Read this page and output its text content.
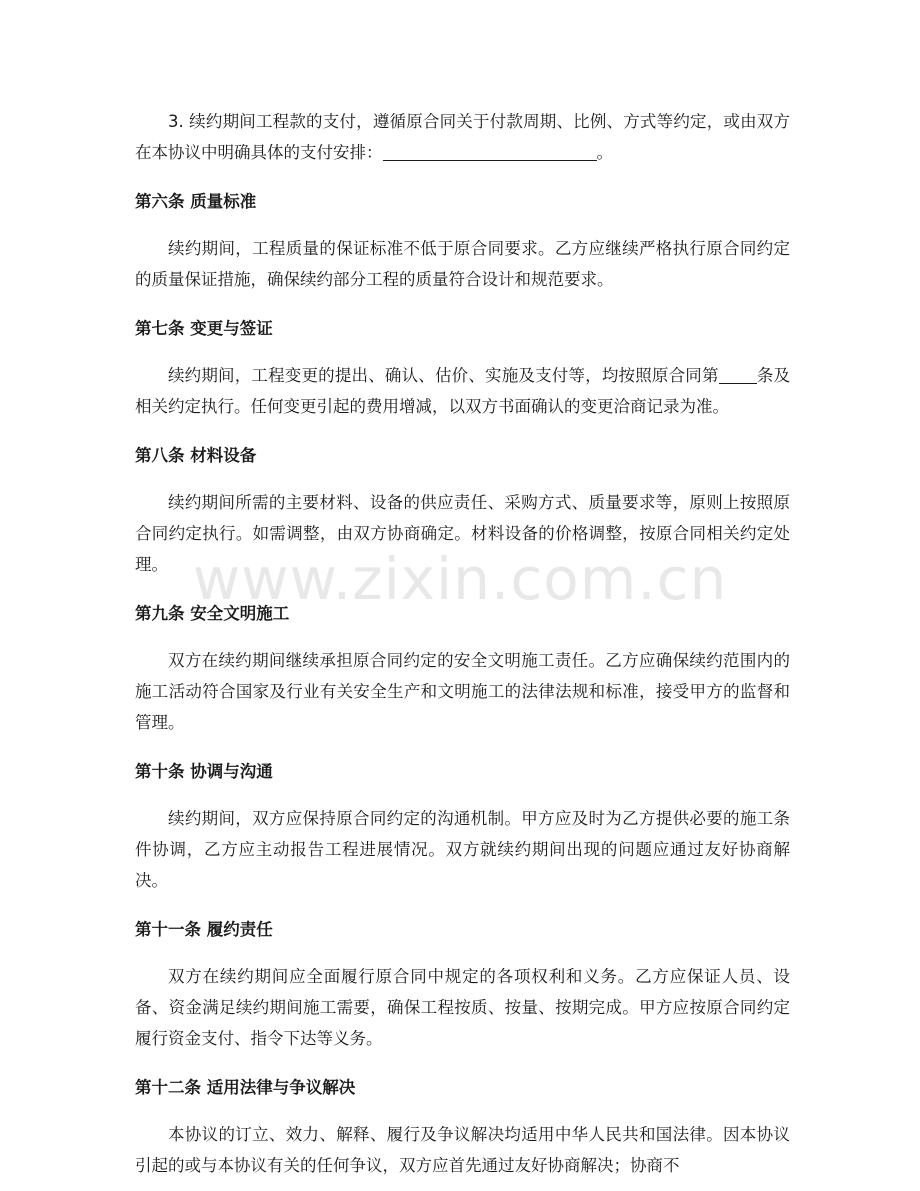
3. 续约期间工程款的支付，遵循原合同关于付款周期、比例、方式等约定，或由双方在本协议中明确具体的支付安排：	。

第六条 质量标准

续约期间，工程质量的保证标准不低于原合同要求。乙方应继续严格执行原合同约定的质量保证措施，确保续约部分工程的质量符合设计和规范要求。

第七条 变更与签证

续约期间，工程变更的提出、确认、估价、实施及支付等，均按照原合同第 条及相关约定执行。任何变更引起的费用增减，以双方书面确认的变更洽商记录为准。

第八条 材料设备

续约期间所需的主要材料、设备的供应责任、采购方式、质量要求等，原则上按照原合同约定执行。如需调整，由双方协商确定。材料设备的价格调整，按原合同相关约定处理。

第九条 安全文明施工

双方在续约期间继续承担原合同约定的安全文明施工责任。乙方应确保续约范围内的施工活动符合国家及行业有关安全生产和文明施工的法律法规和标准，接受甲方的监督和管理。

第十条 协调与沟通

续约期间，双方应保持原合同约定的沟通机制。甲方应及时为乙方提供必要的施工条件协调，乙方应主动报告工程进展情况。双方就续约期间出现的问题应通过友好协商解决。

第十一条 履约责任

双方在续约期间应全面履行原合同中规定的各项权利和义务。乙方应保证人员、设备、资金满足续约期间施工需要，确保工程按质、按量、按期完成。甲方应按原合同约定履行资金支付、指令下达等义务。

第十二条 适用法律与争议解决

本协议的订立、效力、解释、履行及争议解决均适用中华人民共和国法律。因本协议引起的或与本协议有关的任何争议，双方应首先通过友好协商解决；协商不

www.zixin.com.cn
